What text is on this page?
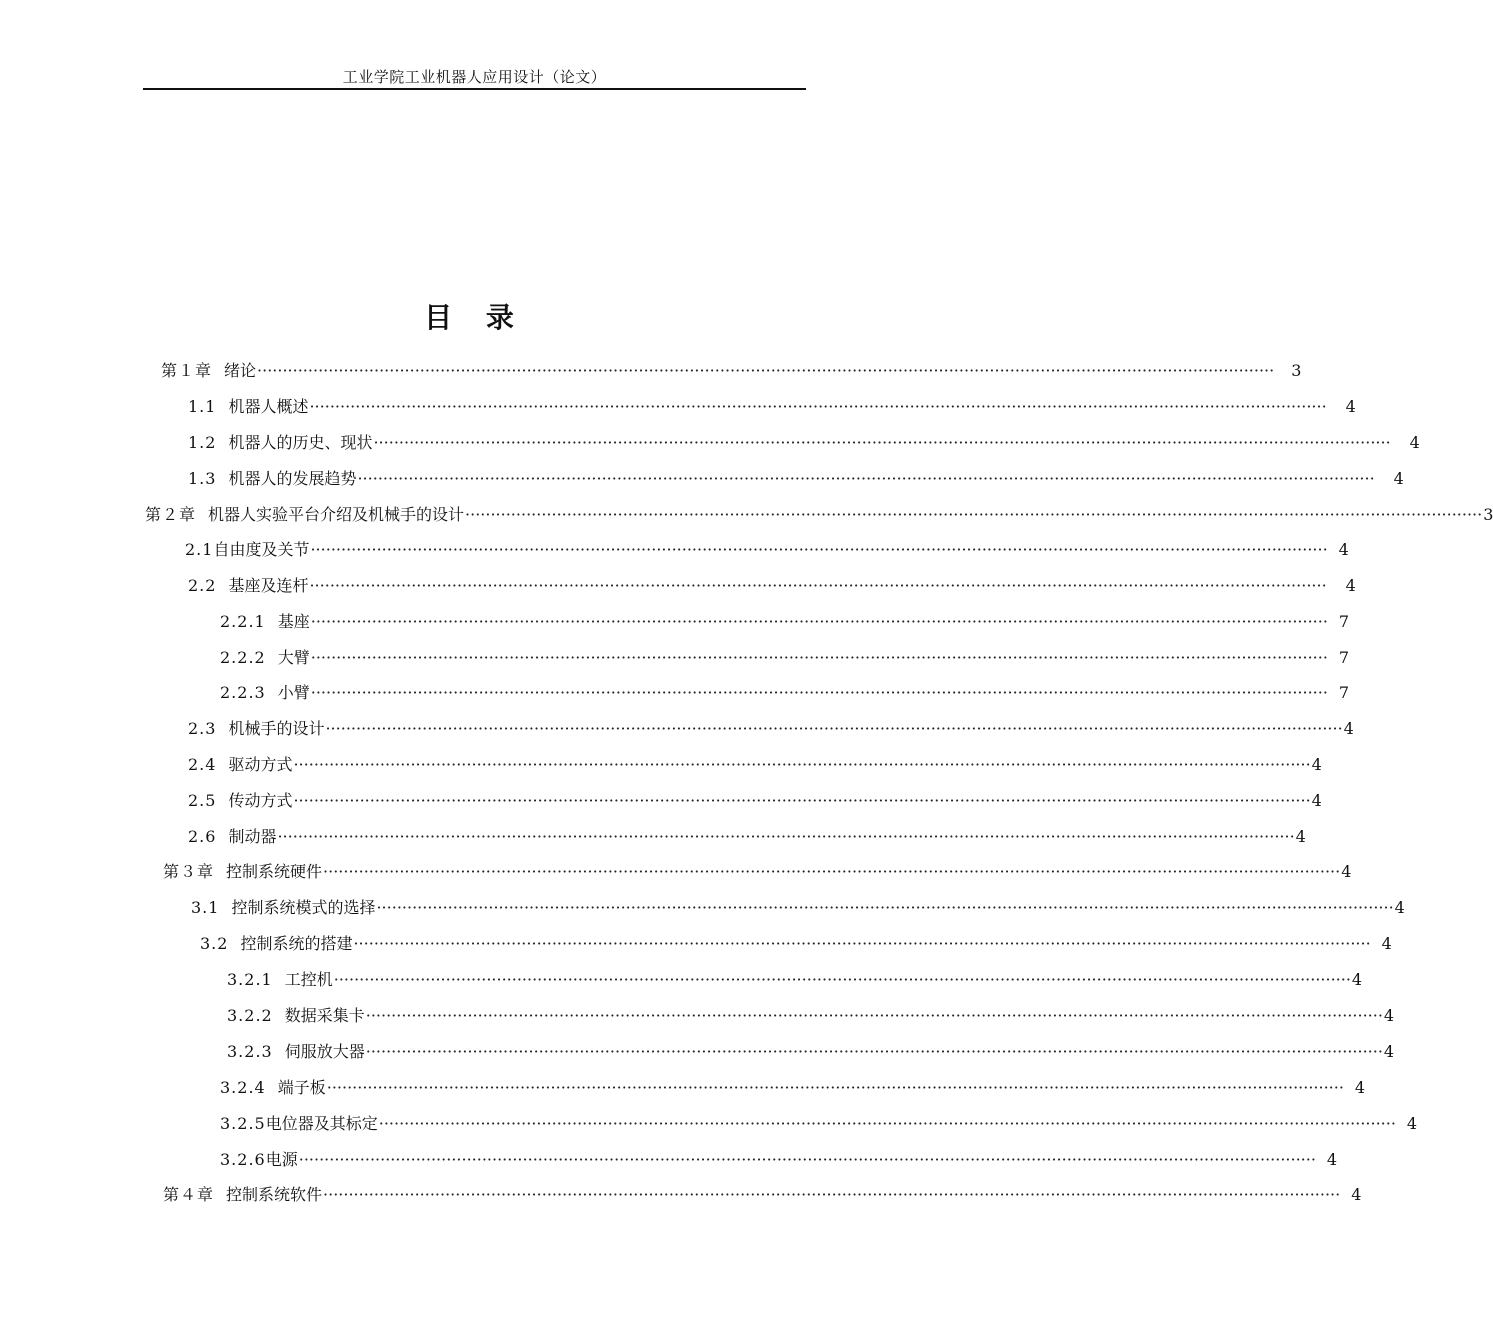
工业学院工业机器人应用设计（论文）
目 录
第１章 绪论 ········································································································································································································ 3
1.1 机器人概述 ········································································································································································································ 4
1.2 机器人的历史、现状 ········································································································································································································ 4
1.3 机器人的发展趋势 ········································································································································································································ 4
第２章 机器人实验平台介绍及机械手的设计 ········································································································································································································ 3
2.1 自由度及关节 ········································································································································································································ 4
2.2 基座及连杆 ········································································································································································································ 4
2.2.1 基座 ········································································································································································································ 7
2.2.2 大臂 ········································································································································································································ 7
2.2.3 小臂 ········································································································································································································ 7
2.3 机械手的设计 ········································································································································································································ 4
2.4 驱动方式 ········································································································································································································ 4
2.5 传动方式 ········································································································································································································ 4
2.6 制动器 ········································································································································································································ 4
第３章 控制系统硬件 ········································································································································································································ 4
3.1 控制系统模式的选择 ········································································································································································································ 4
3.2 控制系统的搭建 ········································································································································································································ 4
3.2.1 工控机 ········································································································································································································ 4
3.2.2 数据采集卡 ········································································································································································································ 4
3.2.3 伺服放大器 ········································································································································································································ 4
3.2.4 端子板 ········································································································································································································ 4
3.2.5 电位器及其标定 ········································································································································································································ 4
3.2.6 电源 ········································································································································································································ 4
第４章 控制系统软件 ········································································································································································································ 4
